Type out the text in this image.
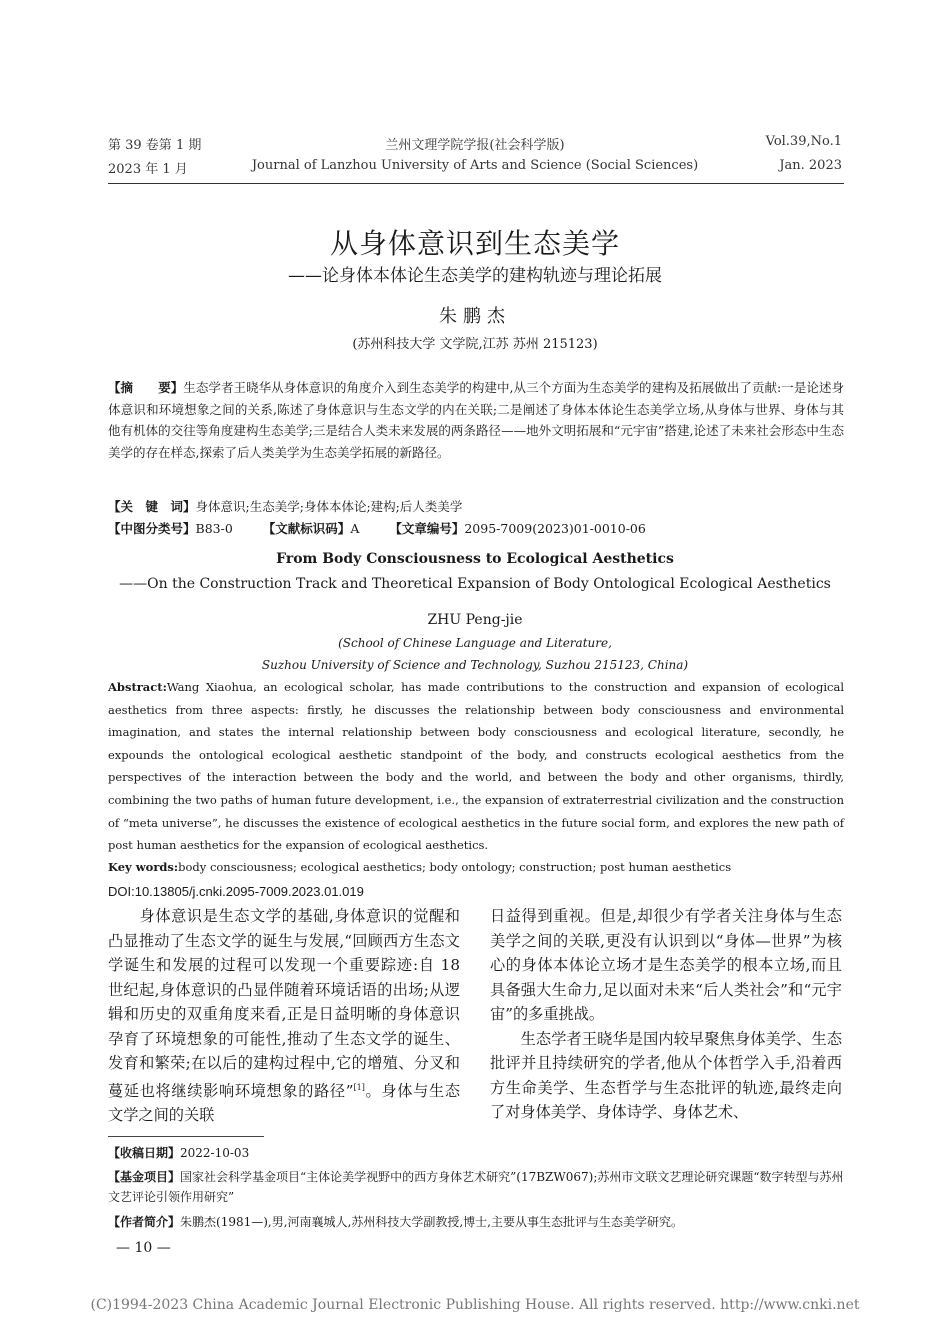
第 39 卷第 1 期	兰州文理学院学报(社会科学版)	Vol.39,No.1
2023 年 1 月	Journal of Lanzhou University of Arts and Science (Social Sciences)	Jan. 2023
从身体意识到生态美学
——论身体本体论生态美学的建构轨迹与理论拓展
朱鹏杰
(苏州科技大学 文学院,江苏 苏州 215123)
【摘　　要】生态学者王晓华从身体意识的角度介入到生态美学的构建中,从三个方面为生态美学的建构及拓展做出了贡献:一是论述身体意识和环境想象之间的关系,陈述了身体意识与生态文学的内在关联;二是阐述了身体本体论生态美学立场,从身体与世界、身体与其他有机体的交往等角度建构生态美学;三是结合人类未来发展的两条路径——地外文明拓展和“元宇宙”搭建,论述了未来社会形态中生态美学的存在样态,探索了后人类美学为生态美学拓展的新路径。
【关　键　词】身体意识;生态美学;身体本体论;建构;后人类美学
【中图分类号】B83-0 【文献标识码】A 【文章编号】2095-7009(2023)01-0010-06
From Body Consciousness to Ecological Aesthetics
——On the Construction Track and Theoretical Expansion of Body Ontological Ecological Aesthetics
ZHU Peng-jie
(School of Chinese Language and Literature,
Suzhou University of Science and Technology, Suzhou 215123, China)
Abstract:Wang Xiaohua, an ecological scholar, has made contributions to the construction and expansion of ecological aesthetics from three aspects: firstly, he discusses the relationship between body consciousness and environmental imagination, and states the internal relationship between body consciousness and ecological literature, secondly, he expounds the ontological ecological aesthetic standpoint of the body, and constructs ecological aesthetics from the perspectives of the interaction between the body and the world, and between the body and other organisms, thirdly, combining the two paths of human future development, i.e., the expansion of extraterrestrial civilization and the construction of “meta universe”, he discusses the existence of ecological aesthetics in the future social form, and explores the new path of post human aesthetics for the expansion of ecological aesthetics.
Key words:body consciousness; ecological aesthetics; body ontology; construction; post human aesthetics
DOI:10.13805/j.cnki.2095-7009.2023.01.019
　　身体意识是生态文学的基础,身体意识的觉醒和凸显推动了生态文学的诞生与发展,“回顾西方生态文学诞生和发展的过程可以发现一个重要踪迹:自 18 世纪起,身体意识的凸显伴随着环境话语的出场;从逻辑和历史的双重角度来看,正是日益明晰的身体意识孕育了环境想象的可能性,推动了生态文学的诞生、发育和繁荣;在以后的建构过程中,它的增殖、分叉和蔓延也将继续影响环境想象的路径”[1]。身体与生态文学之间的关联
日益得到重视。但是,却很少有学者关注身体与生态美学之间的关联,更没有认识到以“身体—世界”为核心的身体本体论立场才是生态美学的根本立场,而且具备强大生命力,足以面对未来“后人类社会”和“元宇宙”的多重挑战。
　　生态学者王晓华是国内较早聚焦身体美学、生态批评并且持续研究的学者,他从个体哲学入手,沿着西方生命美学、生态哲学与生态批评的轨迹,最终走向了对身体美学、身体诗学、身体艺术、
【收稿日期】2022-10-03
【基金项目】国家社会科学基金项目“主体论美学视野中的西方身体艺术研究”(17BZW067);苏州市文联文艺理论研究课题“数字转型与苏州文艺评论引领作用研究”
【作者简介】朱鹏杰(1981—),男,河南襄城人,苏州科技大学副教授,博士,主要从事生态批评与生态美学研究。
— 10 —
(C)1994-2023 China Academic Journal Electronic Publishing House. All rights reserved. http://www.cnki.net
